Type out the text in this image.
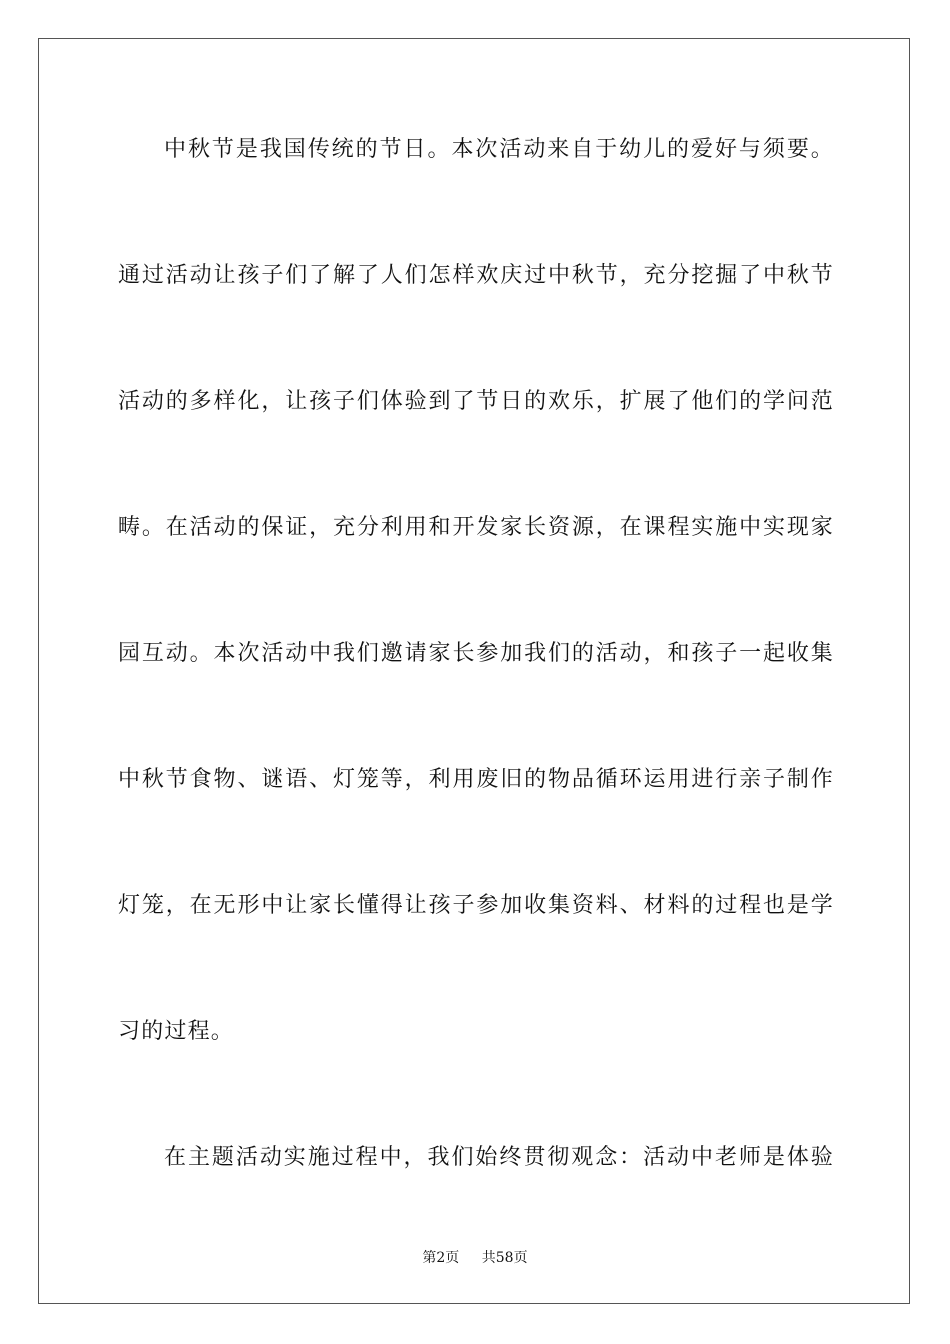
中秋节是我国传统的节日。本次活动来自于幼儿的爱好与须要。
通过活动让孩子们了解了人们怎样欢庆过中秋节，充分挖掘了中秋节
活动的多样化，让孩子们体验到了节日的欢乐，扩展了他们的学问范
畴。在活动的保证，充分利用和开发家长资源，在课程实施中实现家
园互动。本次活动中我们邀请家长参加我们的活动，和孩子一起收集
中秋节食物、谜语、灯笼等，利用废旧的物品循环运用进行亲子制作
灯笼，在无形中让家长懂得让孩子参加收集资料、材料的过程也是学
习的过程。
在主题活动实施过程中，我们始终贯彻观念：活动中老师是体验
第2页 共58页
